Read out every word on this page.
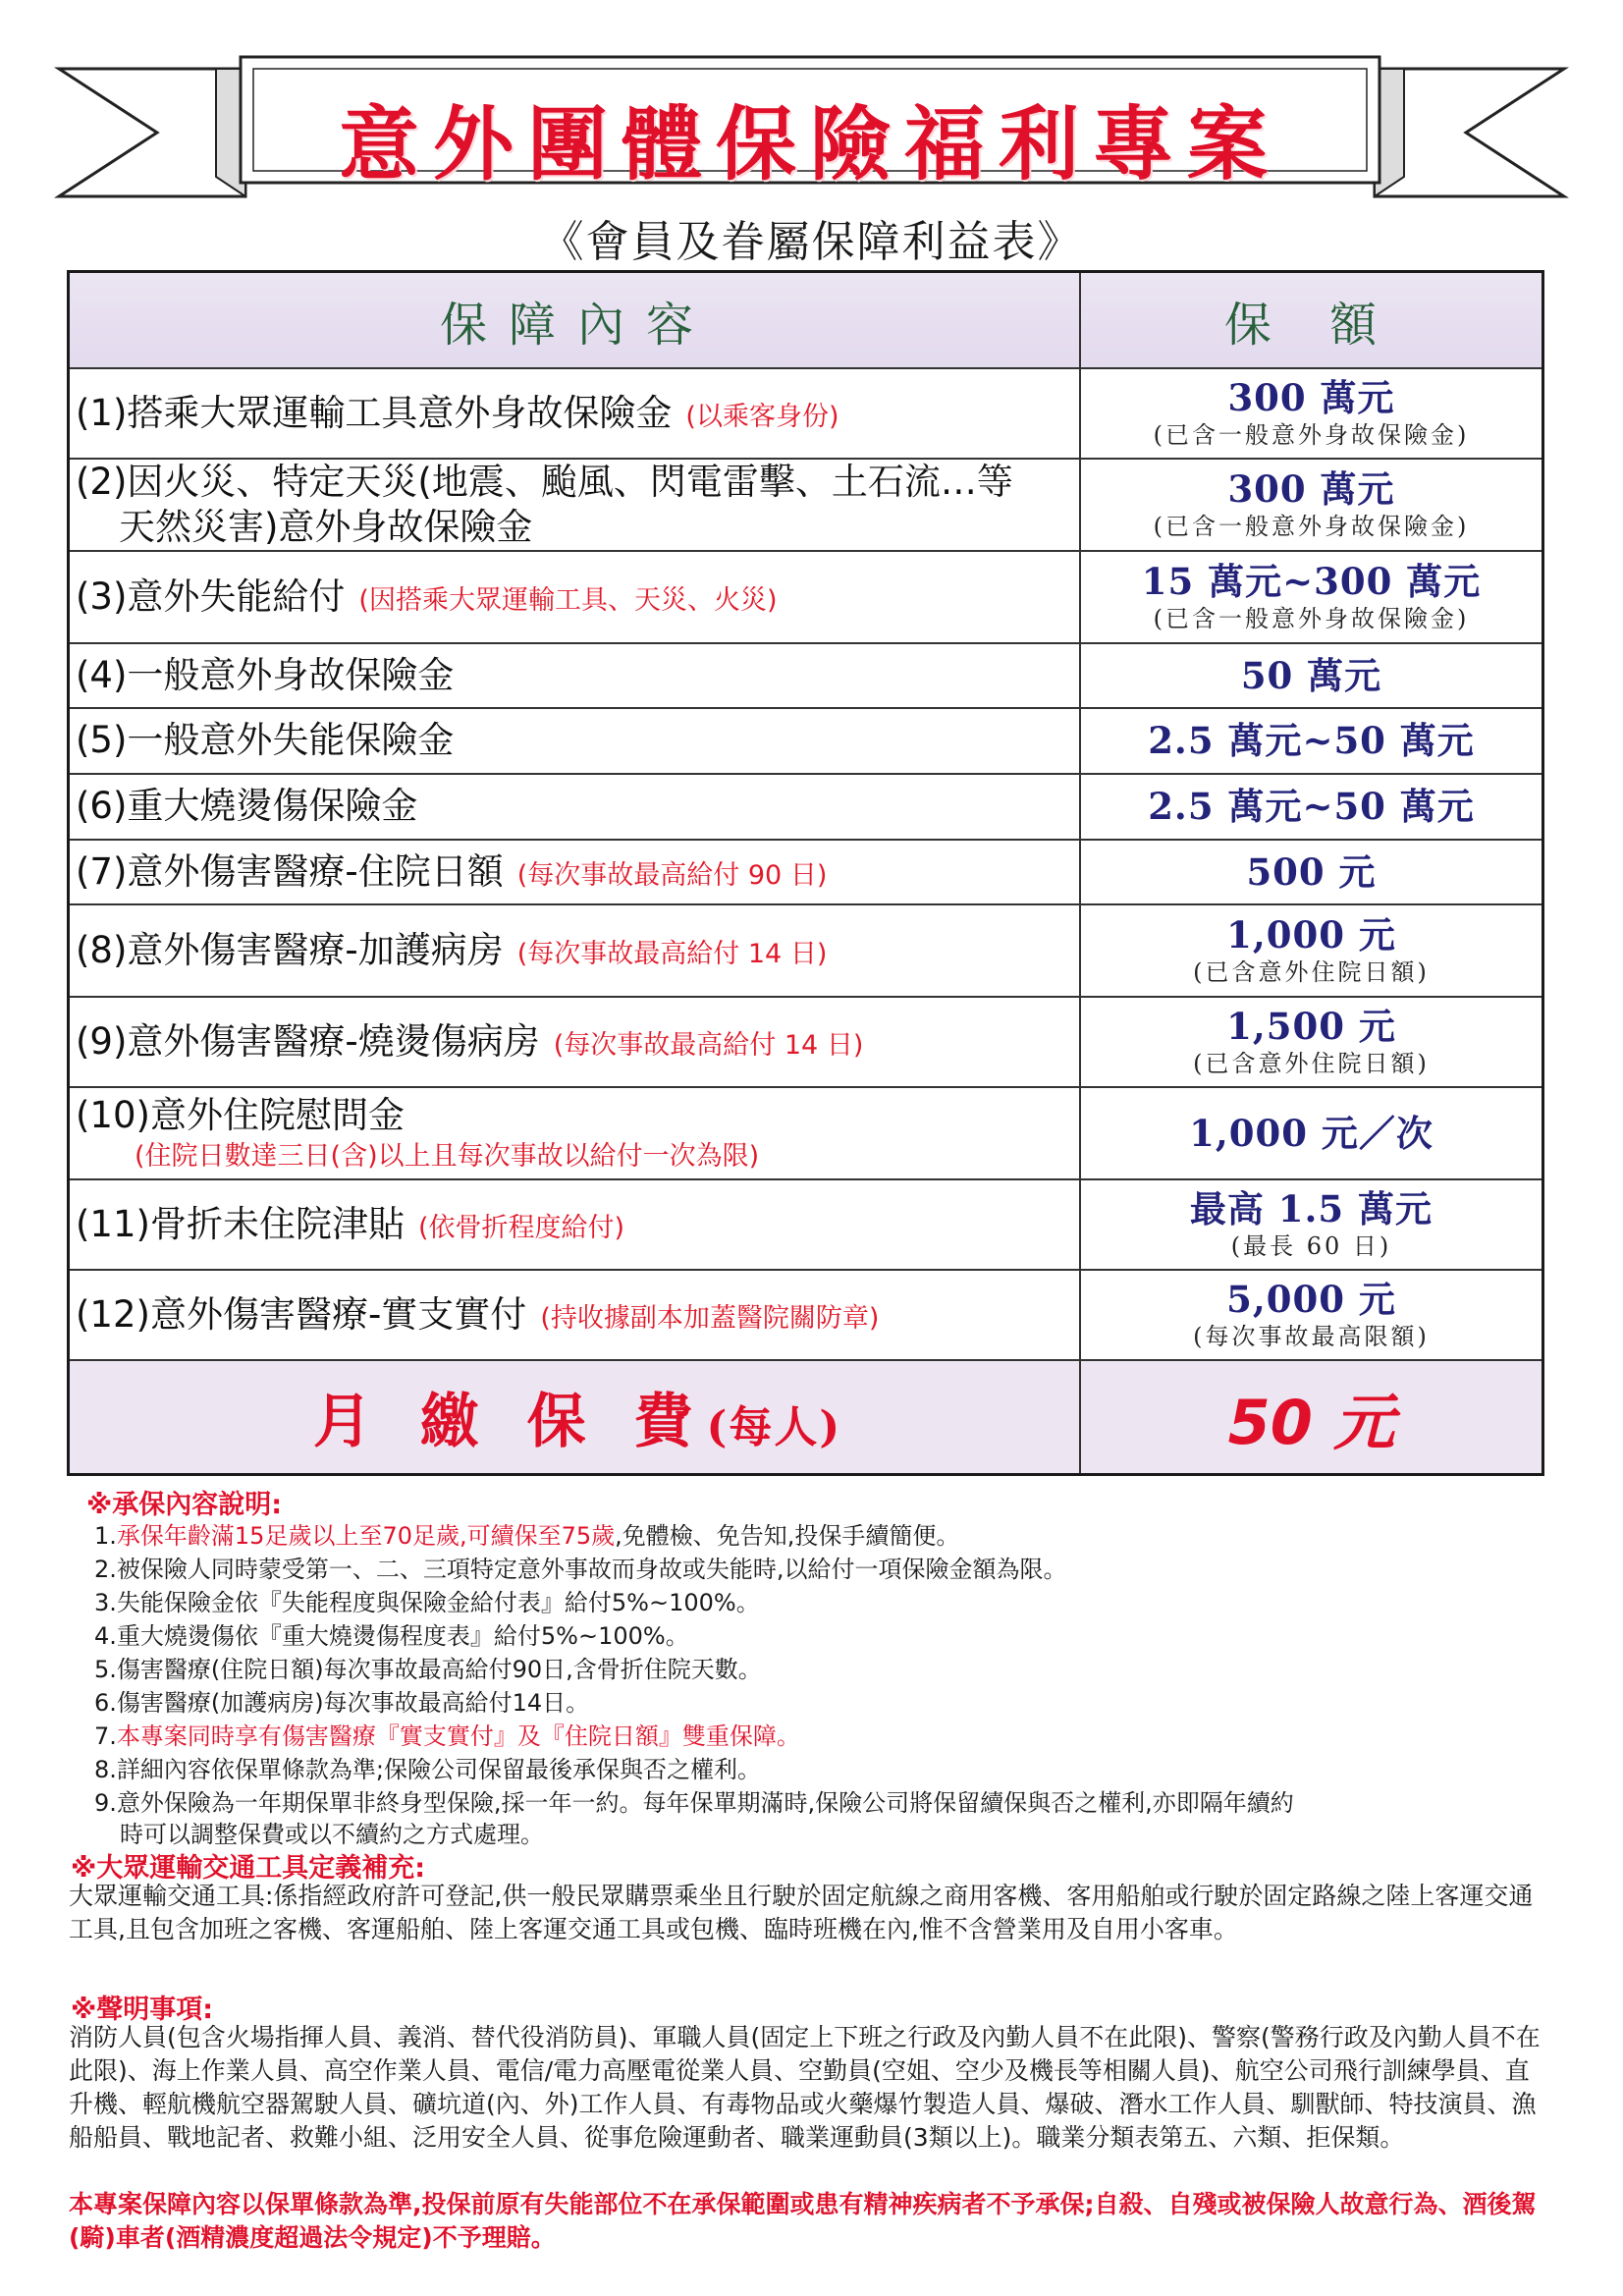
意外團體保險福利專案
《會員及眷屬保障利益表》
保障內容	保 額
(1)搭乘大眾運輸工具意外身故保險金 (以乘客身份)	300 萬元
(已含一般意外身故保險金)
(2)因火災、特定天災(地震、颱風、閃電雷擊、土石流…等
天然災害)意外身故保險金
300 萬元
(已含一般意外身故保險金)
(3)意外失能給付 (因搭乘大眾運輸工具、天災、火災)	15 萬元~300 萬元
(已含一般意外身故保險金)
(4)一般意外身故保險金	50 萬元
(5)一般意外失能保險金	2.5 萬元~50 萬元
(6)重大燒燙傷保險金	2.5 萬元~50 萬元
(7)意外傷害醫療-住院日額 (每次事故最高給付 90 日)	500 元
(8)意外傷害醫療-加護病房 (每次事故最高給付 14 日)	1,000 元
(已含意外住院日額)
(9)意外傷害醫療-燒燙傷病房 (每次事故最高給付 14 日)	1,500 元
(已含意外住院日額)
(10)意外住院慰問金
(住院日數達三日(含)以上且每次事故以給付一次為限)
1,000 元／次
(11)骨折未住院津貼 (依骨折程度給付)	最高 1.5 萬元
(最長 60 日)
(12)意外傷害醫療-實支實付 (持收據副本加蓋醫院關防章)	5,000 元
(每次事故最高限額)
月 繳 保 費(每人)	50 元
※承保內容說明:
1.承保年齡滿15足歲以上至70足歲,可續保至75歲,免體檢、免告知,投保手續簡便。
2.被保險人同時蒙受第一、二、三項特定意外事故而身故或失能時,以給付一項保險金額為限。
3.失能保險金依『失能程度與保險金給付表』給付5%~100%。
4.重大燒燙傷依『重大燒燙傷程度表』給付5%~100%。
5.傷害醫療(住院日額)每次事故最高給付90日,含骨折住院天數。
6.傷害醫療(加護病房)每次事故最高給付14日。
7.本專案同時享有傷害醫療『實支實付』及『住院日額』雙重保障。
8.詳細內容依保單條款為準;保險公司保留最後承保與否之權利。
9.意外保險為一年期保單非終身型保險,採一年一約。每年保單期滿時,保險公司將保留續保與否之權利,亦即隔年續約
時可以調整保費或以不續約之方式處理。
※大眾運輸交通工具定義補充:
大眾運輸交通工具:係指經政府許可登記,供一般民眾購票乘坐且行駛於固定航線之商用客機、客用船舶或行駛於固定路線之陸上客運交通工具,且包含加班之客機、客運船舶、陸上客運交通工具或包機、臨時班機在內,惟不含營業用及自用小客車。
※聲明事項:
消防人員(包含火場指揮人員、義消、替代役消防員)、軍職人員(固定上下班之行政及內勤人員不在此限)、警察(警務行政及內勤人員不在此限)、海上作業人員、高空作業人員、電信/電力高壓電從業人員、空勤員(空姐、空少及機長等相關人員)、航空公司飛行訓練學員、直升機、輕航機航空器駕駛人員、礦坑道(內、外)工作人員、有毒物品或火藥爆竹製造人員、爆破、潛水工作人員、馴獸師、特技演員、漁船船員、戰地記者、救難小組、泛用安全人員、從事危險運動者、職業運動員(3類以上)。職業分類表第五、六類、拒保類。
本專案保障內容以保單條款為準,投保前原有失能部位不在承保範圍或患有精神疾病者不予承保;自殺、自殘或被保險人故意行為、酒後駕(騎)車者(酒精濃度超過法令規定)不予理賠。
